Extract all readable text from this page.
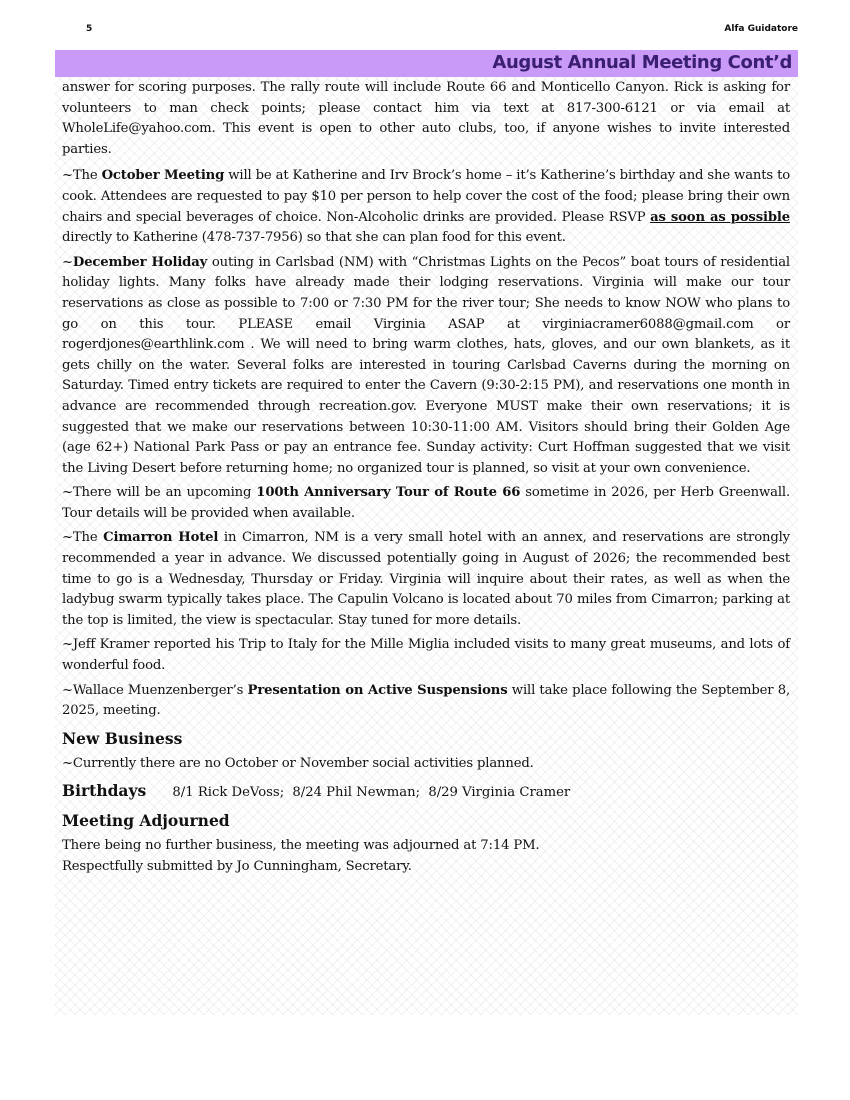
5	Alfa Guidatore
August Annual Meeting Cont’d

answer for scoring purposes. The rally route will include Route 66 and Monticello Canyon. Rick is asking for volunteers to man check points; please contact him via text at 817-300-6121 or via email at WholeLife@yahoo.com. This event is open to other auto clubs, too, if anyone wishes to invite interested parties.

~The October Meeting will be at Katherine and Irv Brock’s home – it’s Katherine’s birthday and she wants to cook. Attendees are requested to pay $10 per person to help cover the cost of the food; please bring their own chairs and special beverages of choice. Non-Alcoholic drinks are provided. Please RSVP as soon as possible directly to Katherine (478-737-7956) so that she can plan food for this event.

~December Holiday outing in Carlsbad (NM) with “Christmas Lights on the Pecos” boat tours of residential holiday lights. Many folks have already made their lodging reservations. Virginia will make our tour reservations as close as possible to 7:00 or 7:30 PM for the river tour; She needs to know NOW who plans to go on this tour. PLEASE email Virginia ASAP at virginiacramer6088@gmail.com or rogerdjones@earthlink.com . We will need to bring warm clothes, hats, gloves, and our own blankets, as it gets chilly on the water. Several folks are interested in touring Carlsbad Caverns during the morning on Saturday. Timed entry tickets are required to enter the Cavern (9:30-2:15 PM), and reservations one month in advance are recommended through recreation.gov. Everyone MUST make their own reservations; it is suggested that we make our reservations between 10:30-11:00 AM. Visitors should bring their Golden Age (age 62+) National Park Pass or pay an entrance fee. Sunday activity: Curt Hoffman suggested that we visit the Living Desert before returning home; no organized tour is planned, so visit at your own convenience.

~There will be an upcoming 100th Anniversary Tour of Route 66 sometime in 2026, per Herb Greenwall. Tour details will be provided when available.

~The Cimarron Hotel in Cimarron, NM is a very small hotel with an annex, and reservations are strongly recommended a year in advance. We discussed potentially going in August of 2026; the recommended best time to go is a Wednesday, Thursday or Friday. Virginia will inquire about their rates, as well as when the ladybug swarm typically takes place. The Capulin Volcano is located about 70 miles from Cimarron; parking at the top is limited, the view is spectacular. Stay tuned for more details.

~Jeff Kramer reported his Trip to Italy for the Mille Miglia included visits to many great museums, and lots of wonderful food.

~Wallace Muenzenberger’s Presentation on Active Suspensions will take place following the September 8, 2025, meeting.

New Business

~Currently there are no October or November social activities planned.

Birthdays 8/1 Rick DeVoss; 8/24 Phil Newman; 8/29 Virginia Cramer
Meeting Adjourned

There being no further business, the meeting was adjourned at 7:14 PM.

Respectfully submitted by Jo Cunningham, Secretary.
